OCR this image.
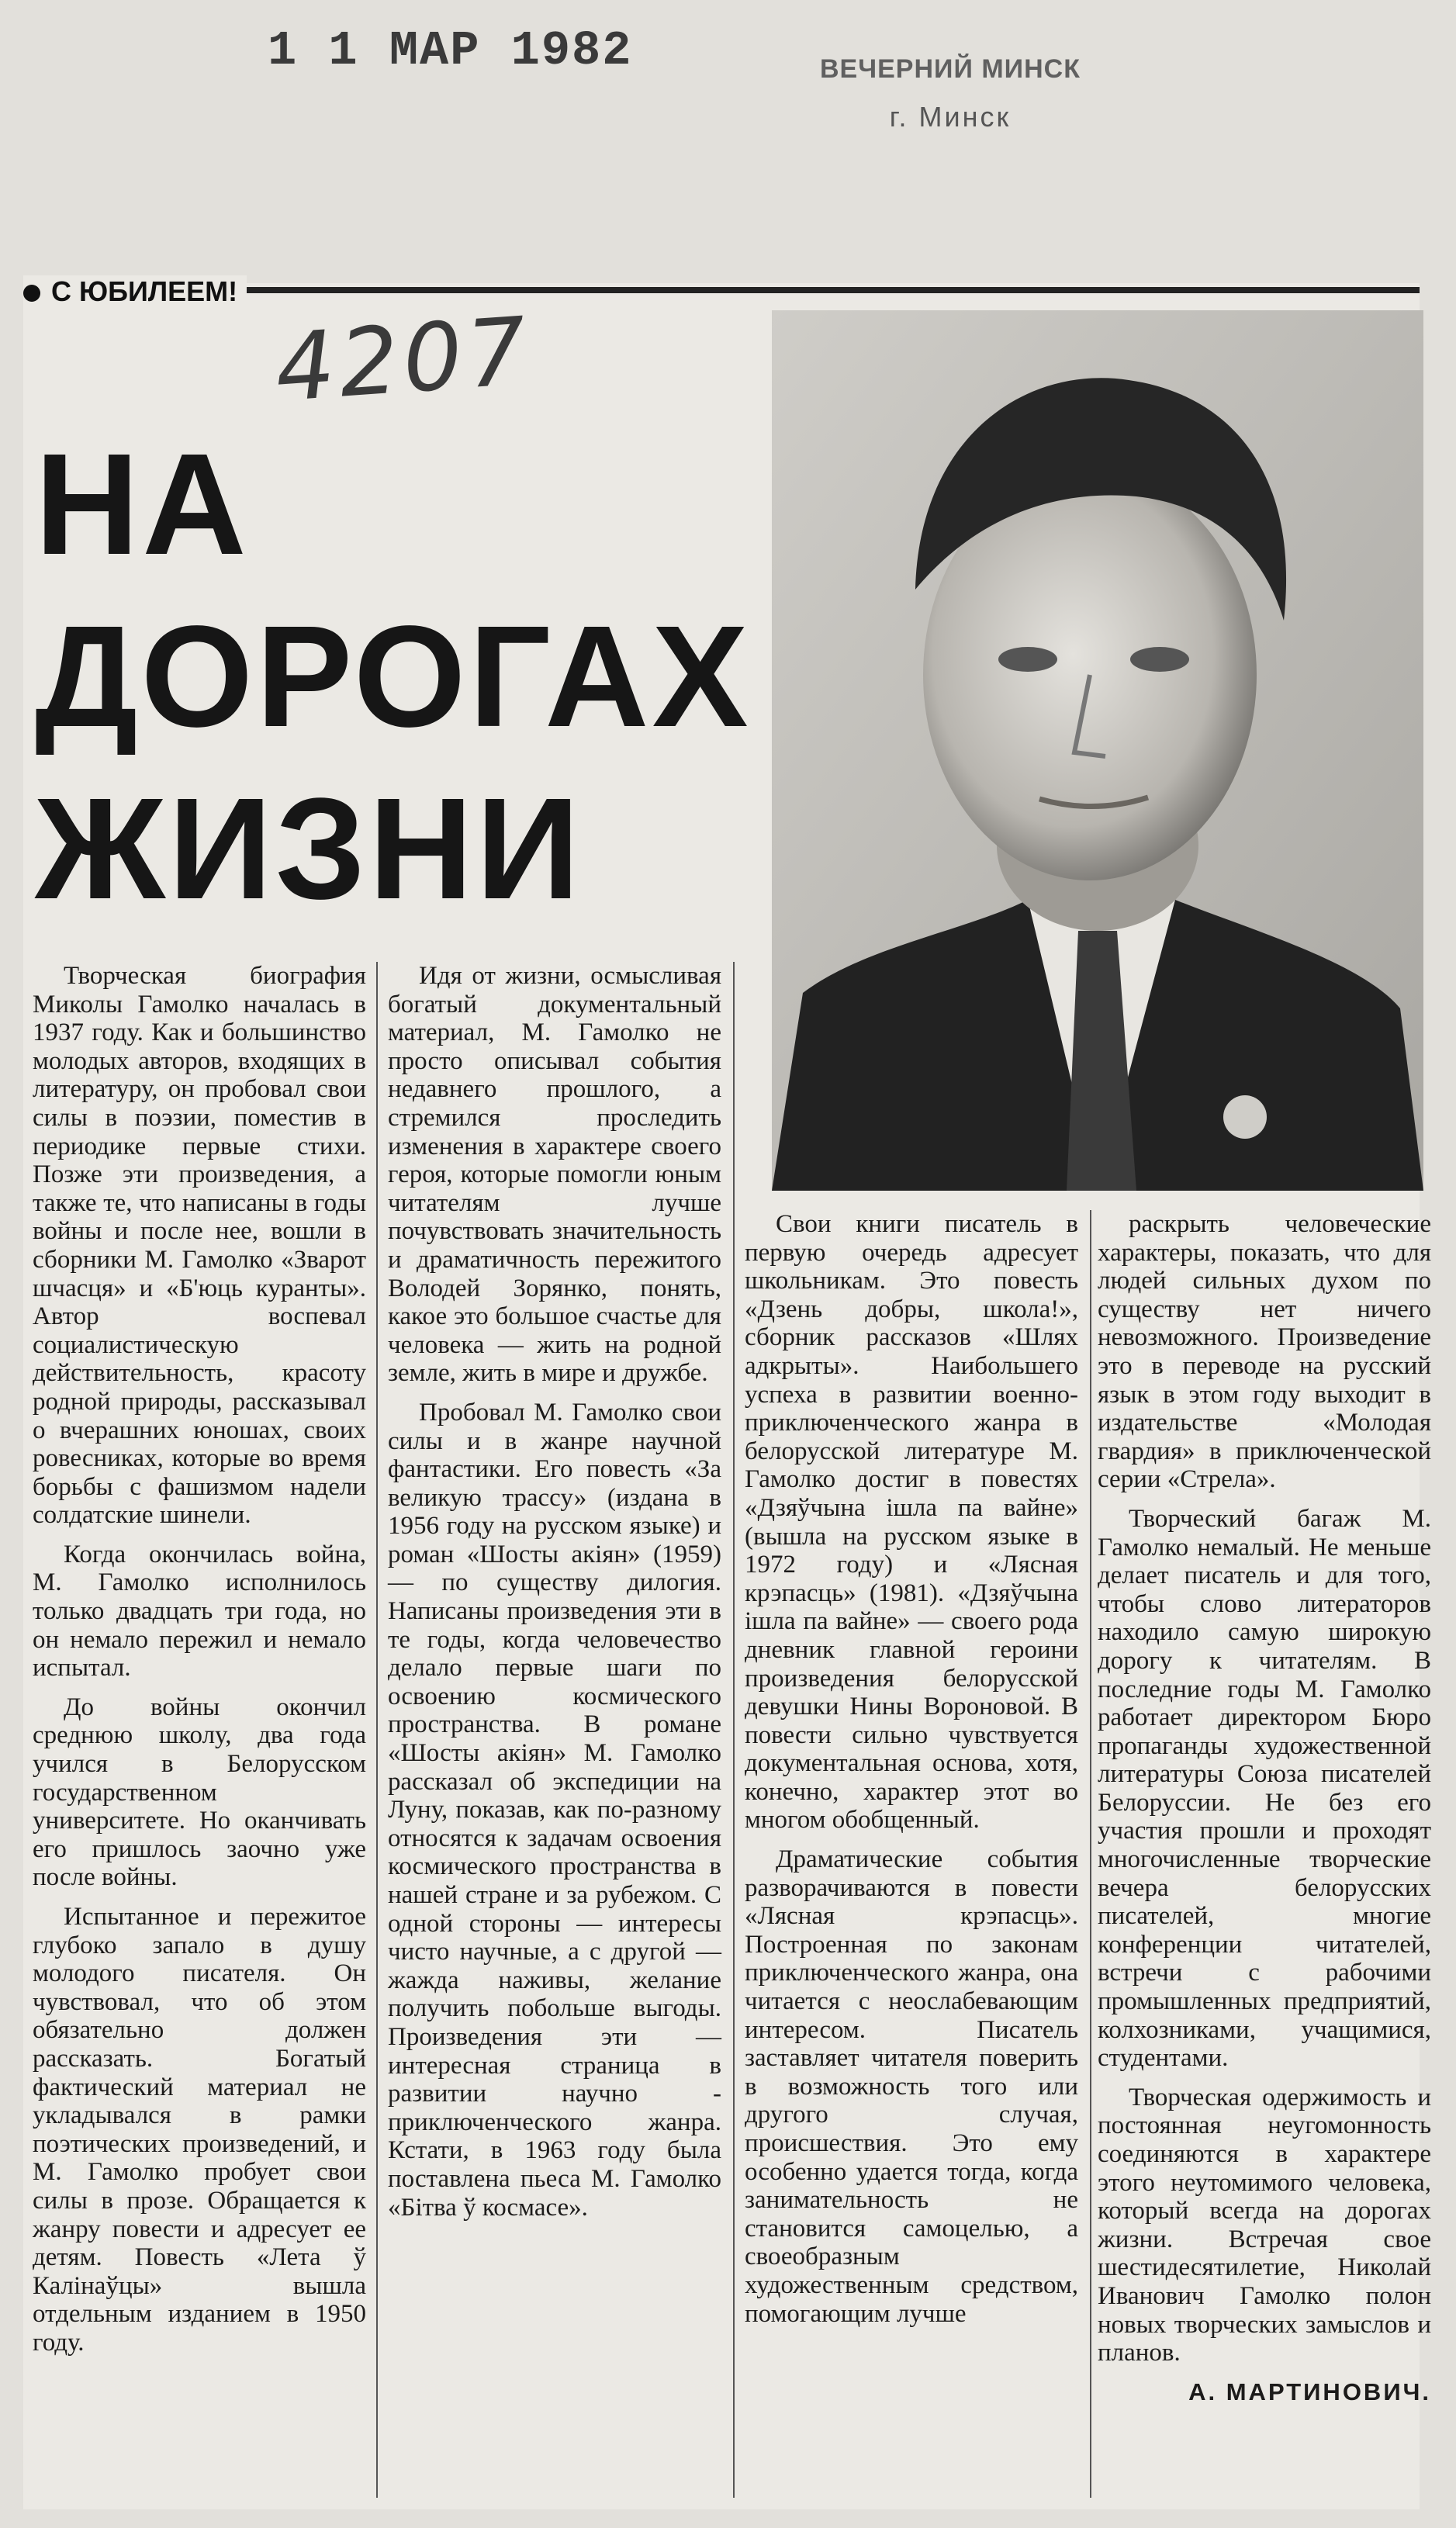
1 1 МАР 1982	ВЕЧЕРНИЙ МИНСК
г. Минск
С ЮБИЛЕЕМ!
4207
НА
ДОРОГАХ
ЖИЗНИ

Творческая биография Миколы Гамолко началась в 1937 году. Как и большинство молодых авторов, входящих в литературу, он пробовал свои силы в поэзии, поместив в периодике первые стихи. Позже эти произведения, а также те, что написаны в годы войны и после нее, вошли в сборники М. Гамолко «Зварот шчасця» и «Б'юць куранты». Автор воспевал социалистическую действительность, красоту родной природы, рассказывал о вчерашних юношах, своих ровесниках, которые во время борьбы с фашизмом надели солдатские шинели.

Когда окончилась война, М. Гамолко исполнилось только двадцать три года, но он немало пережил и немало испытал.

До войны окончил среднюю школу, два года учился в Белорусском государственном университете. Но оканчивать его пришлось заочно уже после войны.

Испытанное и пережитое глубоко запало в душу молодого писателя. Он чувствовал, что об этом обязательно должен рассказать. Богатый фактический материал не укладывался в рамки поэтических произведений, и М. Гамолко пробует свои силы в прозе. Обращается к жанру повести и адресует ее детям. Повесть «Лета ў Калінаўцы» вышла отдельным изданием в 1950 году.

Идя от жизни, осмысливая богатый документальный материал, М. Гамолко не просто описывал события недавнего прошлого, а стремился проследить изменения в характере своего героя, которые помогли юным читателям лучше почувствовать значительность и драматичность пережитого Володей Зорянко, понять, какое это большое счастье для человека — жить на родной земле, жить в мире и дружбе.

Пробовал М. Гамолко свои силы и в жанре научной фантастики. Его повесть «За великую трассу» (издана в 1956 году на русском языке) и роман «Шосты акіян» (1959) — по существу дилогия. Написаны произведения эти в те годы, когда человечество делало первые шаги по освоению космического пространства. В романе «Шосты акіян» М. Гамолко рассказал об экспедиции на Луну, показав, как по-разному относятся к задачам освоения космического пространства в нашей стране и за рубежом. С одной стороны — интересы чисто научные, а с другой — жажда наживы, желание получить побольше выгоды. Произведения эти — интересная страница в развитии научно - приключенческого жанра. Кстати, в 1963 году была поставлена пьеса М. Гамолко «Бітва ў космасе».

Свои книги писатель в первую очередь адресует школьникам. Это повесть «Дзень добры, школа!», сборник рассказов «Шлях адкрыты». Наибольшего успеха в развитии военно-приключенческого жанра в белорусской литературе М. Гамолко достиг в повестях «Дзяўчына ішла па вайне» (вышла на русском языке в 1972 году) и «Лясная крэпасць» (1981). «Дзяўчына ішла па вайне» — своего рода дневник главной героини произведения белорусской девушки Нины Вороновой. В повести сильно чувствуется документальная основа, хотя, конечно, характер этот во многом обобщенный.

Драматические события разворачиваются в повести «Лясная крэпасць». Построенная по законам приключенческого жанра, она читается с неослабевающим интересом. Писатель заставляет читателя поверить в возможность того или другого случая, происшествия. Это ему особенно удается тогда, когда занимательность не становится самоцелью, а своеобразным художественным средством, помогающим лучше

раскрыть человеческие характеры, показать, что для людей сильных духом по существу нет ничего невозможного. Произведение это в переводе на русский язык в этом году выходит в издательстве «Молодая гвардия» в приключенческой серии «Стрела».

Творческий багаж М. Гамолко немалый. Не меньше делает писатель и для того, чтобы слово литераторов находило самую широкую дорогу к читателям. В последние годы М. Гамолко работает директором Бюро пропаганды художественной литературы Союза писателей Белоруссии. Не без его участия прошли и проходят многочисленные творческие вечера белорусских писателей, многие конференции читателей, встречи с рабочими промышленных предприятий, колхозниками, учащимися, студентами.

Творческая одержимость и постоянная неугомонность соединяются в характере этого неутомимого человека, который всегда на дорогах жизни. Встречая свое шестидесятилетие, Николай Иванович Гамолко полон новых творческих замыслов и планов.

А. МАРТИНОВИЧ.
